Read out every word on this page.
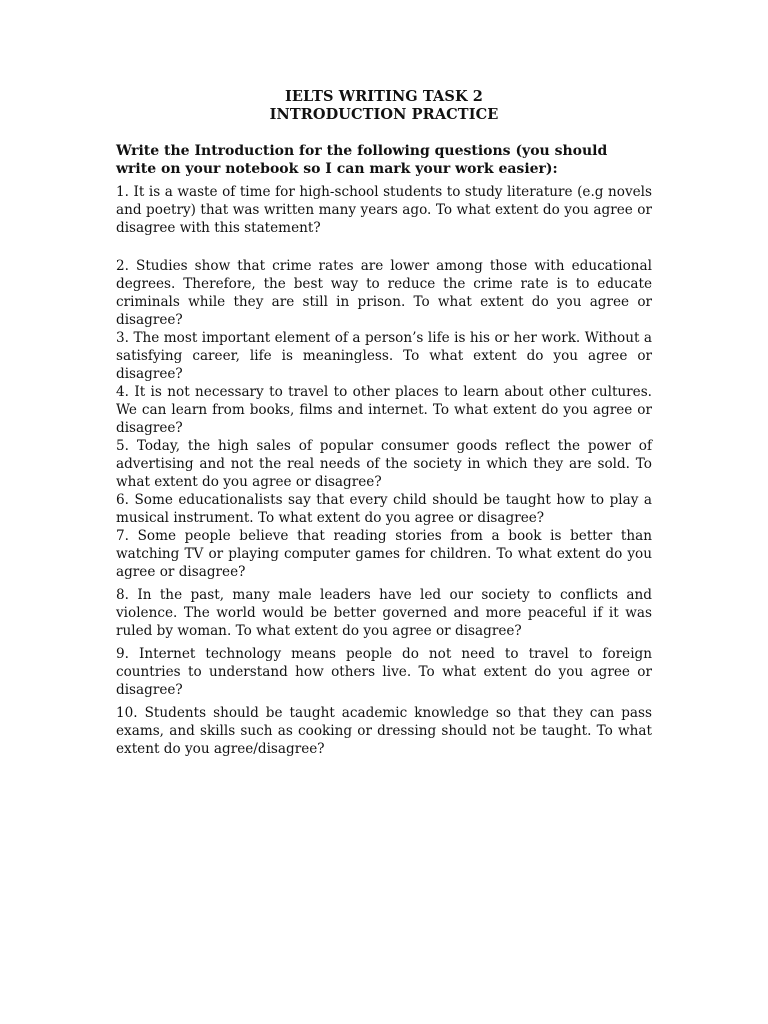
IELTS WRITING TASK 2
INTRODUCTION PRACTICE

Write the Introduction for the following questions (you should write on your notebook so I can mark your work easier):

1. It is a waste of time for high-school students to study literature (e.g novels and poetry) that was written many years ago. To what extent do you agree or disagree with this statement?

2. Studies show that crime rates are lower among those with educational degrees. Therefore, the best way to reduce the crime rate is to educate criminals while they are still in prison. To what extent do you agree or disagree?

3. The most important element of a person’s life is his or her work. Without a satisfying career, life is meaningless. To what extent do you agree or disagree?

4. It is not necessary to travel to other places to learn about other cultures. We can learn from books, films and internet. To what extent do you agree or disagree?

5. Today, the high sales of popular consumer goods reflect the power of advertising and not the real needs of the society in which they are sold. To what extent do you agree or disagree?

6. Some educationalists say that every child should be taught how to play a musical instrument. To what extent do you agree or disagree?

7. Some people believe that reading stories from a book is better than watching TV or playing computer games for children. To what extent do you agree or disagree?

8. In the past, many male leaders have led our society to conflicts and violence. The world would be better governed and more peaceful if it was ruled by woman. To what extent do you agree or disagree?

9. Internet technology means people do not need to travel to foreign countries to understand how others live. To what extent do you agree or disagree?

10. Students should be taught academic knowledge so that they can pass exams, and skills such as cooking or dressing should not be taught. To what extent do you agree/disagree?
